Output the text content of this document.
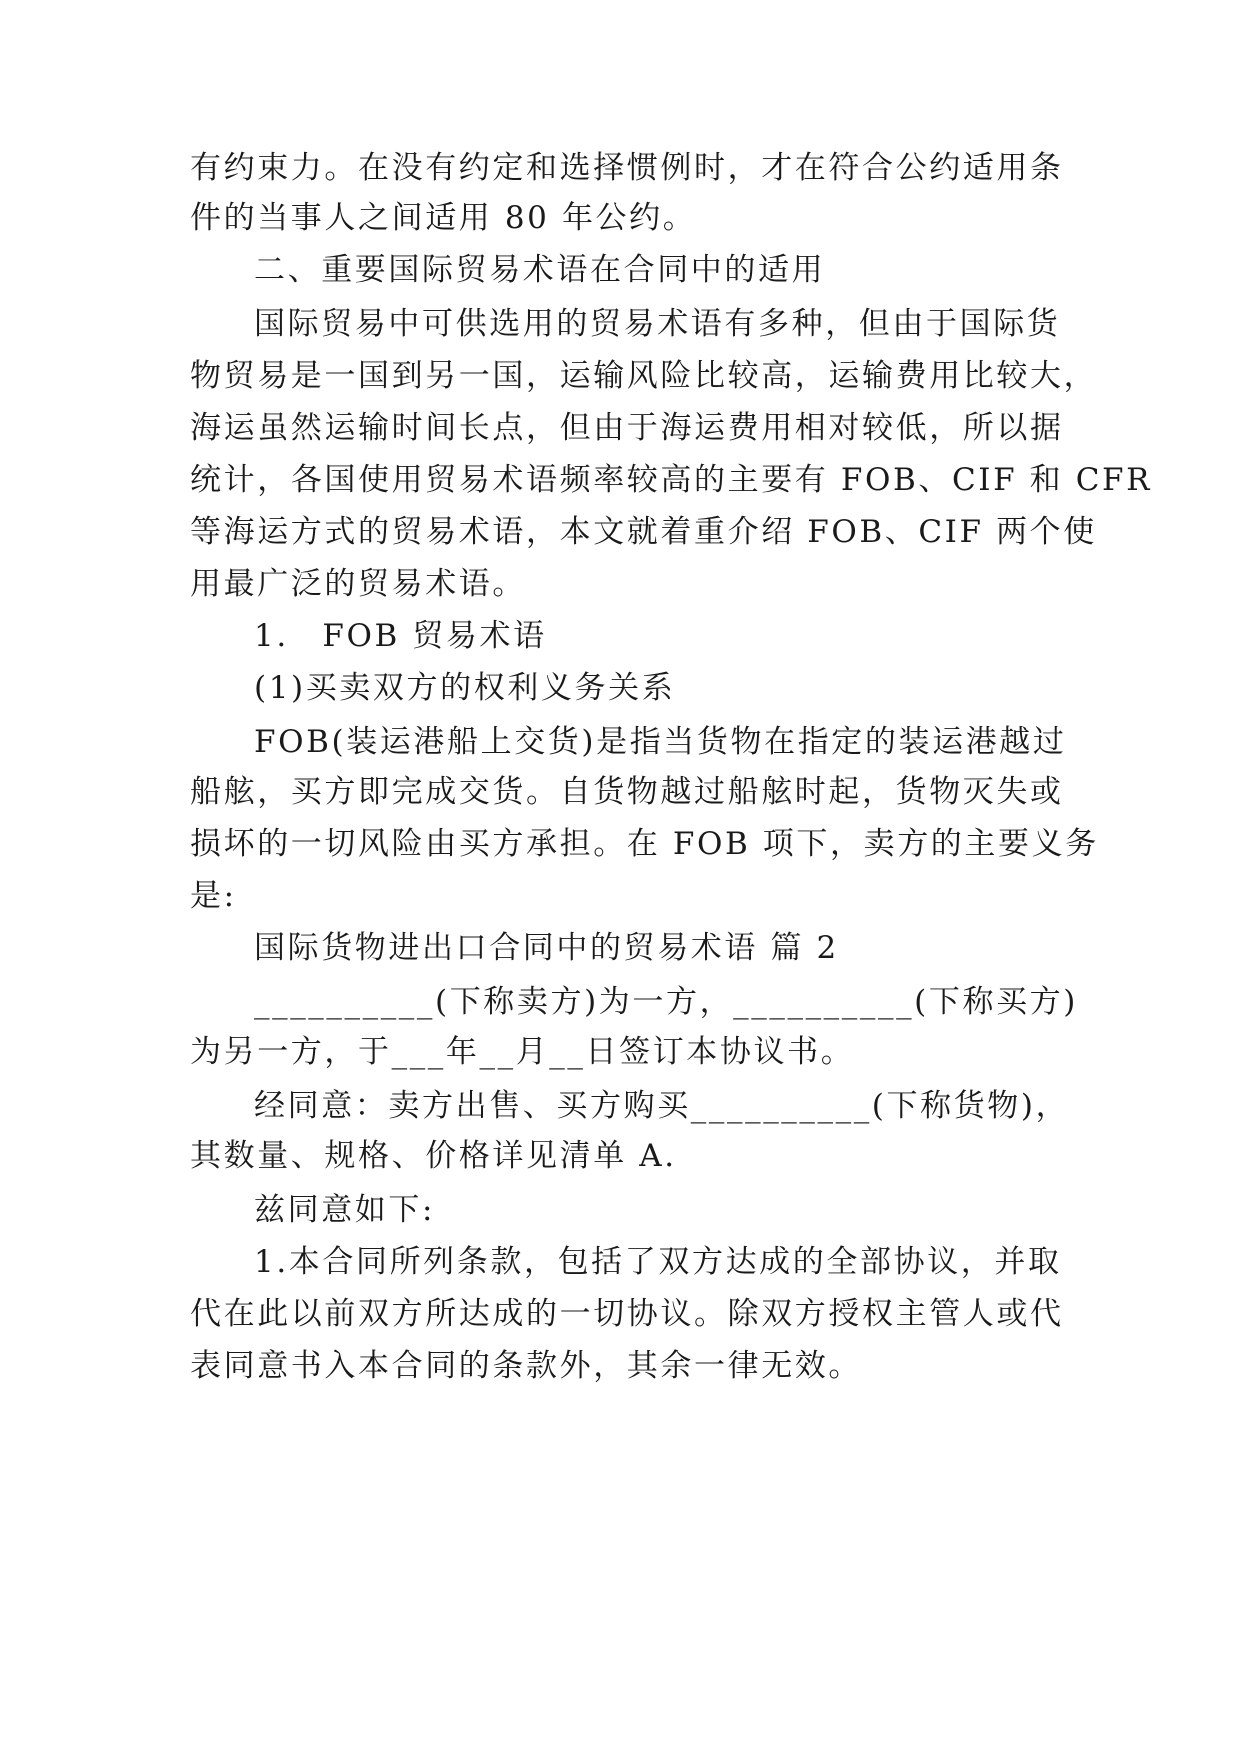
有约束力。在没有约定和选择惯例时，才在符合公约适用条
件的当事人之间适用 80 年公约。
二、重要国际贸易术语在合同中的适用
国际贸易中可供选用的贸易术语有多种，但由于国际货
物贸易是一国到另一国，运输风险比较高，运输费用比较大，
海运虽然运输时间长点，但由于海运费用相对较低，所以据
统计，各国使用贸易术语频率较高的主要有 FOB、CIF 和 CFR
等海运方式的贸易术语，本文就着重介绍 FOB、CIF 两个使
用最广泛的贸易术语。
1.　FOB 贸易术语
(1)买卖双方的权利义务关系
FOB(装运港船上交货)是指当货物在指定的装运港越过
船舷，买方即完成交货。自货物越过船舷时起，货物灭失或
损坏的一切风险由买方承担。在 FOB 项下，卖方的主要义务
是:
国际货物进出口合同中的贸易术语 篇 2
__________(下称卖方)为一方，__________(下称买方)
为另一方，于___年__月__日签订本协议书。
经同意：卖方出售、买方购买__________(下称货物)，
其数量、规格、价格详见清单 A.
兹同意如下:
1.本合同所列条款，包括了双方达成的全部协议，并取
代在此以前双方所达成的一切协议。除双方授权主管人或代
表同意书入本合同的条款外，其余一律无效。
